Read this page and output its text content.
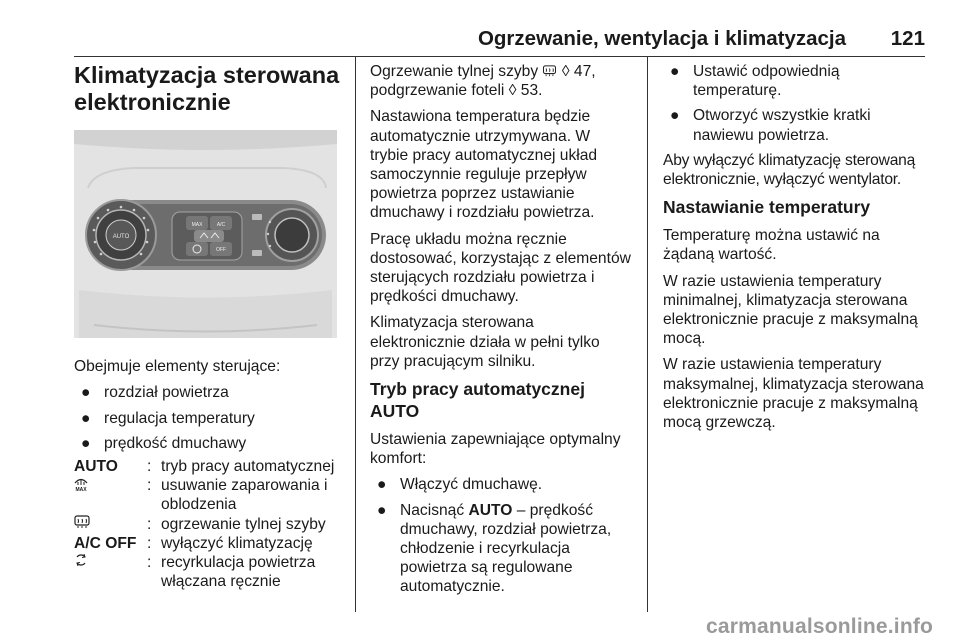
Ogrzewanie, wentylacja i klimatyzacja 121
Klimatyzacja sterowana elektronicznie
AUTO
MAX	A/C
OFF

Obejmuje elementy sterujące:

● rozdział powietrza
● regulacja temperatury
● prędkość dmuchawy
AUTO	:	tryb pracy automatycznej

MAX	:	usuwanie zaparowania i oblodzenia
	:	ogrzewanie tylnej szyby
A/C OFF	:	wyłączyć klimatyzację
	:	recyrkulacja powietrza włączana ręcznie

Ogrzewanie tylnej szyby ◊ 47,
podgrzewanie foteli ◊ 53.

Nastawiona temperatura będzie automatycznie utrzymywana. W trybie pracy automatycznej układ samoczynnie reguluje przepływ powietrza poprzez ustawianie dmuchawy i rozdziału powietrza.

Pracę układu można ręcznie dostosować, korzystając z elementów sterujących rozdziału powietrza i prędkości dmuchawy.

Klimatyzacja sterowana elektronicznie działa w pełni tylko przy pracującym silniku.

Tryb pracy automatycznej AUTO

Ustawienia zapewniające optymalny komfort:

● Włączyć dmuchawę.
● Nacisnąć AUTO – prędkość dmuchawy, rozdział powietrza, chłodzenie i recyrkulacja powietrza są regulowane automatycznie.
● Ustawić odpowiednią temperaturę.
● Otworzyć wszystkie kratki nawiewu powietrza.

Aby wyłączyć klimatyzację sterowaną elektronicznie, wyłączyć wentylator.

Nastawianie temperatury

Temperaturę można ustawić na żądaną wartość.

W razie ustawienia temperatury minimalnej, klimatyzacja sterowana elektronicznie pracuje z maksymalną mocą.

W razie ustawienia temperatury maksymalnej, klimatyzacja sterowana elektronicznie pracuje z maksymalną mocą grzewczą.

carmanualsonline.info
